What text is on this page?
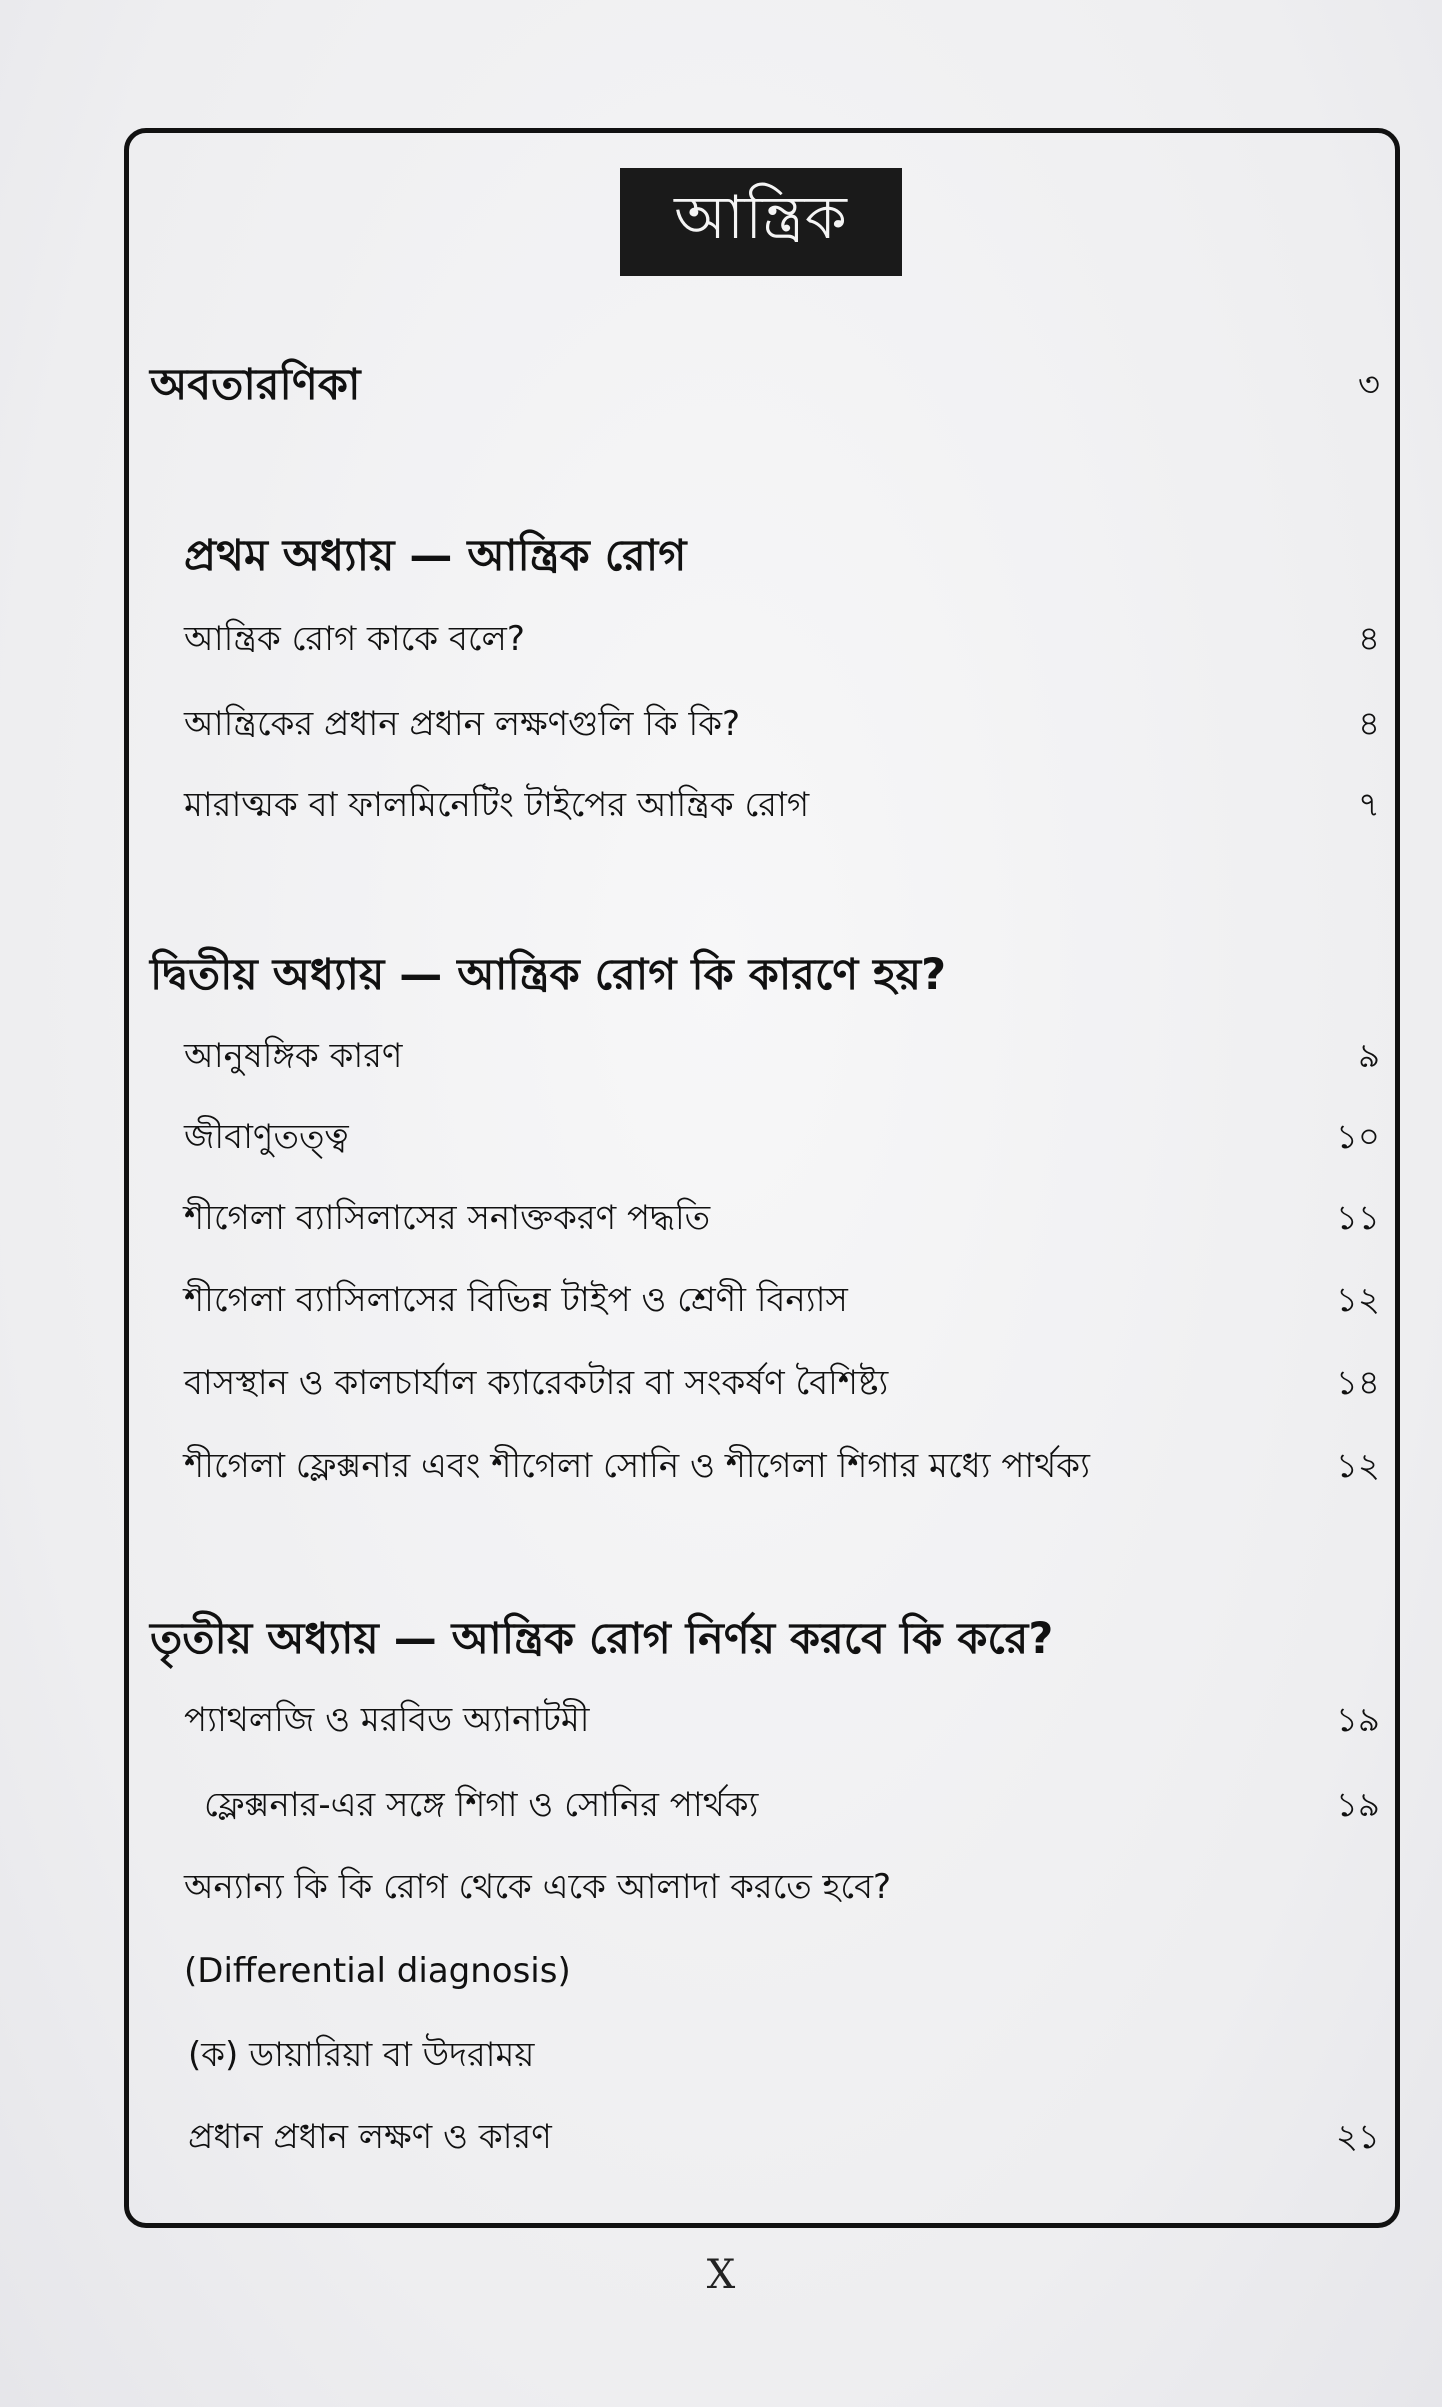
আন্ত্রিক
অবতারণিকা	৩
প্রথম অধ্যায় — আন্ত্রিক রোগ
আন্ত্রিক রোগ কাকে বলে?	৪
আন্ত্রিকের প্রধান প্রধান লক্ষণগুলি কি কি?	৪
মারাত্মক বা ফালমিনেটিং টাইপের আন্ত্রিক রোগ	৭
দ্বিতীয় অধ্যায় — আন্ত্রিক রোগ কি কারণে হয়?
আনুষঙ্গিক কারণ	৯
জীবাণুতত্ত্ব	১০
শীগেলা ব্যাসিলাসের সনাক্তকরণ পদ্ধতি	১১
শীগেলা ব্যাসিলাসের বিভিন্ন টাইপ ও শ্রেণী বিন্যাস	১২
বাসস্থান ও কালচার্যাল ক্যারেকটার বা সংকর্ষণ বৈশিষ্ট্য	১৪
শীগেলা ফ্লেক্সনার এবং শীগেলা সোনি ও শীগেলা শিগার মধ্যে পার্থক্য	১২
তৃতীয় অধ্যায় — আন্ত্রিক রোগ নির্ণয় করবে কি করে?
প্যাথলজি ও মরবিড অ্যানাটমী	১৯
ফ্লেক্সনার-এর সঙ্গে শিগা ও সোনির পার্থক্য	১৯
অন্যান্য কি কি রোগ থেকে একে আলাদা করতে হবে?
(Differential diagnosis)
(ক) ডায়ারিয়া বা উদরাময়
প্রধান প্রধান লক্ষণ ও কারণ	২১
X
